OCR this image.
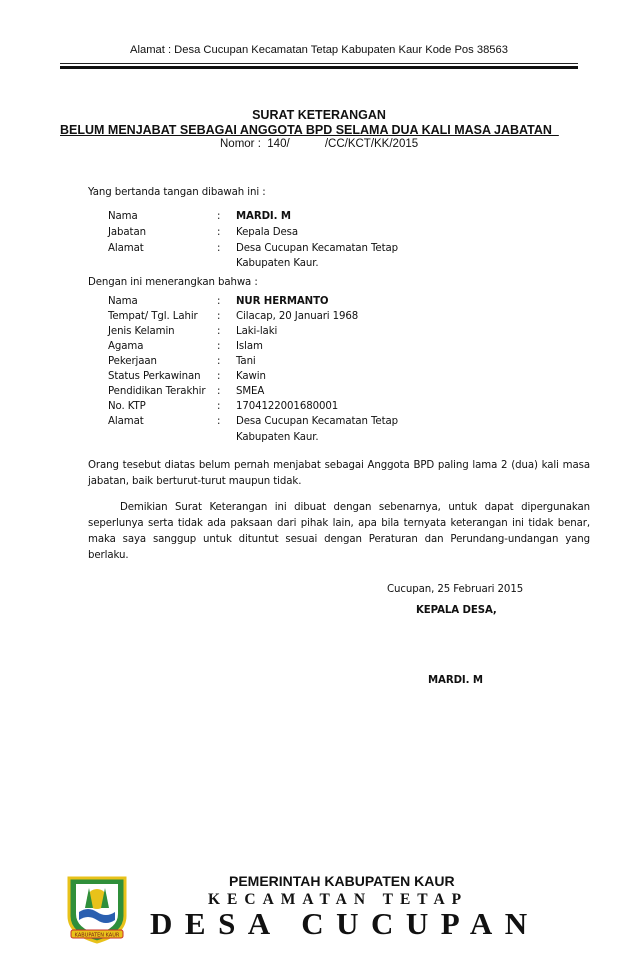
Alamat : Desa Cucupan Kecamatan Tetap Kabupaten Kaur Kode Pos 38563
SURAT KETERANGAN
BELUM MENJABAT SEBAGAI ANGGOTA BPD SELAMA DUA KALI MASA JABATAN
Nomor :  140/           /CC/KCT/KK/2015
Yang bertanda tangan dibawah ini :
Nama	: MARDI. M
Jabatan	: Kepala Desa
Alamat	: Desa Cucupan Kecamatan Tetap
Kabupaten Kaur.
Dengan ini menerangkan bahwa :
Nama	: NUR HERMANTO
Tempat/ Tgl. Lahir : Cilacap, 20 Januari 1968
Jenis Kelamin	: Laki-laki
Agama	: Islam
Pekerjaan	: Tani
Status Perkawinan : Kawin
Pendidikan Terakhir : SMEA
No. KTP	: 1704122001680001
Alamat	: Desa Cucupan Kecamatan Tetap
Kabupaten Kaur.
Orang tesebut diatas belum pernah menjabat sebagai Anggota BPD paling lama 2 (dua) kali masa jabatan, baik berturut-turut maupun tidak.
Demikian Surat Keterangan ini dibuat dengan sebenarnya, untuk dapat dipergunakan seperlunya serta tidak ada paksaan dari pihak lain, apa bila ternyata keterangan ini tidak benar, maka saya sanggup untuk dituntut sesuai dengan Peraturan dan Perundang-undangan yang berlaku.
Cucupan, 25 Februari 2015
KEPALA DESA,
MARDI. M
KABUPATEN KAUR
PEMERINTAH KABUPATEN KAUR
KECAMATAN TETAP
DESA CUCUPAN
